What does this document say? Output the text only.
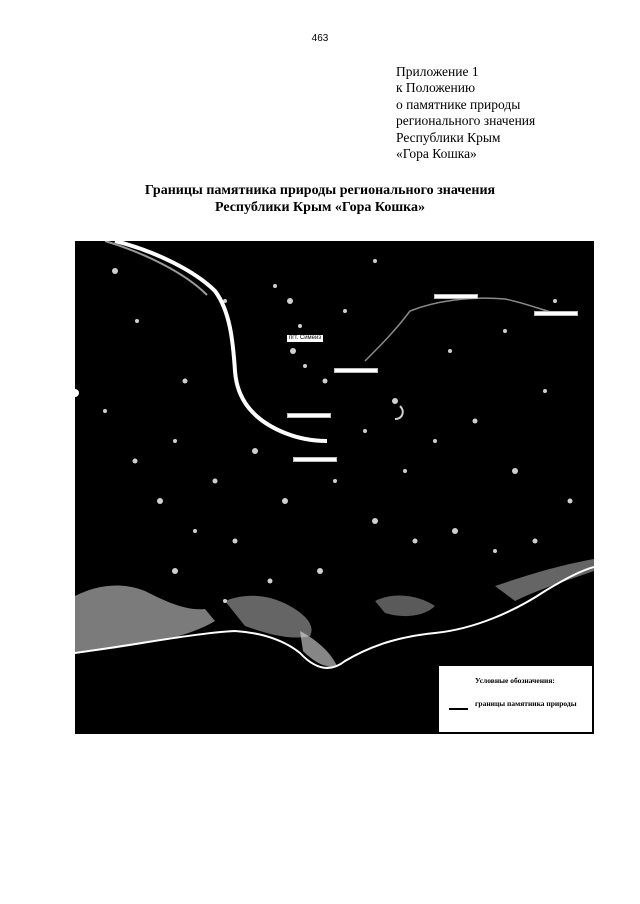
463
Приложение 1
к Положению
о памятнике природы
регионального значения
Республики Крым
«Гора Кошка»
Границы памятника природы регионального значения
Республики Крым «Гора Кошка»
пгт. Симеиз
Условные обозначения:
границы памятника природы
